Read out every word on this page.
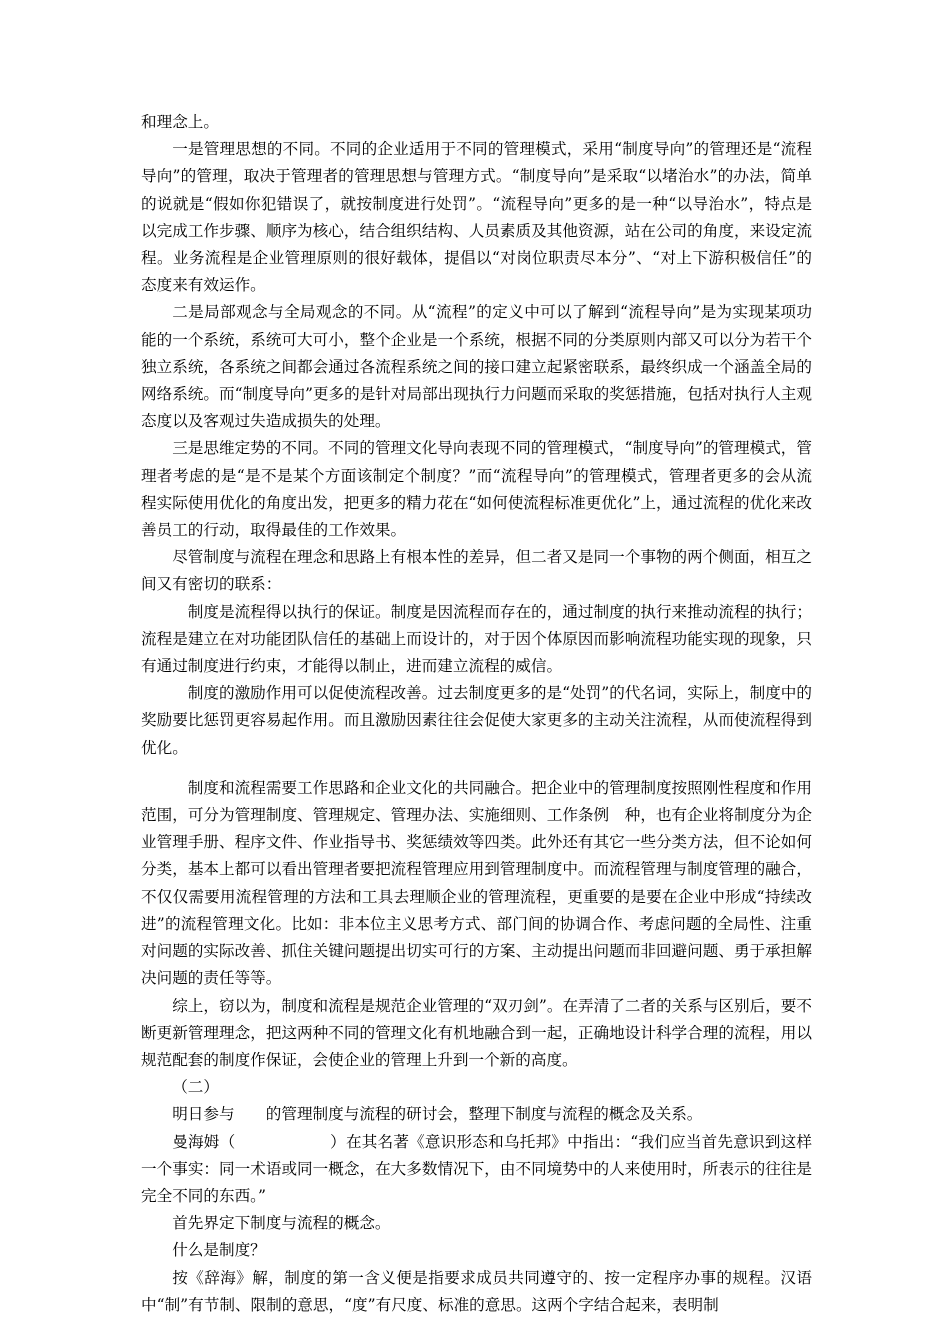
和理念上。

一是管理思想的不同。不同的企业适用于不同的管理模式，采用“制度导向”的管理还是“流程导向”的管理，取决于管理者的管理思想与管理方式。“制度导向”是采取“以堵治水”的办法，简单的说就是“假如你犯错误了，就按制度进行处罚”。“流程导向”更多的是一种“以导治水”，特点是以完成工作步骤、顺序为核心，结合组织结构、人员素质及其他资源，站在公司的角度，来设定流程。业务流程是企业管理原则的很好载体，提倡以“对岗位职责尽本分”、“对上下游积极信任”的态度来有效运作。

二是局部观念与全局观念的不同。从“流程”的定义中可以了解到“流程导向”是为实现某项功能的一个系统，系统可大可小，整个企业是一个系统，根据不同的分类原则内部又可以分为若干个独立系统，各系统之间都会通过各流程系统之间的接口建立起紧密联系，最终织成一个涵盖全局的网络系统。而“制度导向”更多的是针对局部出现执行力问题而采取的奖惩措施，包括对执行人主观态度以及客观过失造成损失的处理。

三是思维定势的不同。不同的管理文化导向表现不同的管理模式，“制度导向”的管理模式，管理者考虑的是“是不是某个方面该制定个制度？”而“流程导向”的管理模式，管理者更多的会从流程实际使用优化的角度出发，把更多的精力花在“如何使流程标准更优化”上，通过流程的优化来改善员工的行动，取得最佳的工作效果。

尽管制度与流程在理念和思路上有根本性的差异，但二者又是同一个事物的两个侧面，相互之间又有密切的联系：

制度是流程得以执行的保证。制度是因流程而存在的，通过制度的执行来推动流程的执行；流程是建立在对功能团队信任的基础上而设计的，对于因个体原因而影响流程功能实现的现象，只有通过制度进行约束，才能得以制止，进而建立流程的威信。

制度的激励作用可以促使流程改善。过去制度更多的是“处罚”的代名词，实际上，制度中的奖励要比惩罚更容易起作用。而且激励因素往往会促使大家更多的主动关注流程，从而使流程得到优化。

制度和流程需要工作思路和企业文化的共同融合。把企业中的管理制度按照刚性程度和作用范围，可分为管理制度、管理规定、管理办法、实施细则、工作条例　种，也有企业将制度分为企业管理手册、程序文件、作业指导书、奖惩绩效等四类。此外还有其它一些分类方法，但不论如何分类，基本上都可以看出管理者要把流程管理应用到管理制度中。而流程管理与制度管理的融合，不仅仅需要用流程管理的方法和工具去理顺企业的管理流程，更重要的是要在企业中形成“持续改进”的流程管理文化。比如：非本位主义思考方式、部门间的协调合作、考虑问题的全局性、注重对问题的实际改善、抓住关键问题提出切实可行的方案、主动提出问题而非回避问题、勇于承担解决问题的责任等等。

综上，窃以为，制度和流程是规范企业管理的“双刃剑”。在弄清了二者的关系与区别后，要不断更新管理理念，把这两种不同的管理文化有机地融合到一起，正确地设计科学合理的流程，用以规范配套的制度作保证，会使企业的管理上升到一个新的高度。

（二）

明日参与　　的管理制度与流程的研讨会，整理下制度与流程的概念及关系。

曼海姆（　　　　　　）在其名著《意识形态和乌托邦》中指出：“我们应当首先意识到这样一个事实：同一术语或同一概念，在大多数情况下，由不同境势中的人来使用时，所表示的往往是完全不同的东西。”

首先界定下制度与流程的概念。

什么是制度？

按《辞海》解，制度的第一含义便是指要求成员共同遵守的、按一定程序办事的规程。汉语中“制”有节制、限制的意思，“度”有尺度、标准的意思。这两个字结合起来，表明制
